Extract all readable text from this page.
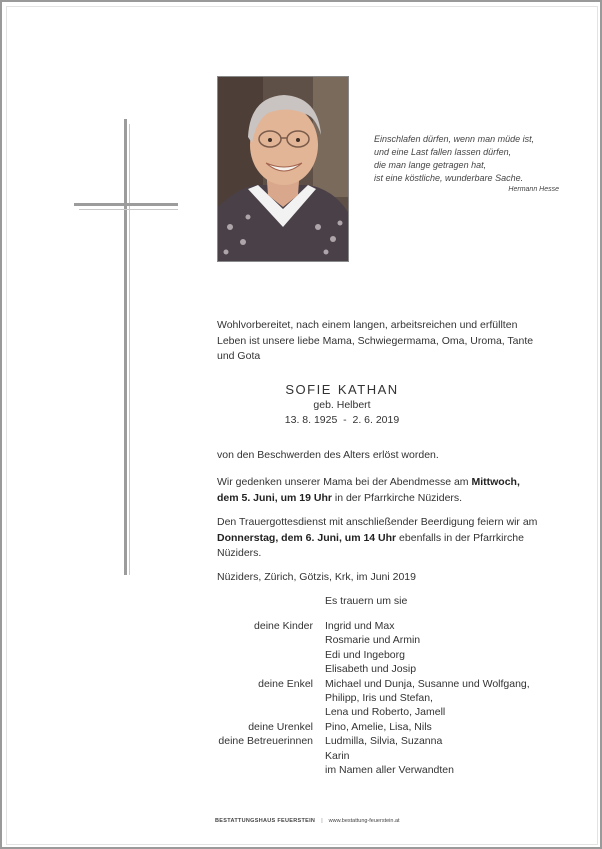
Einschlafen dürfen, wenn man müde ist,
und eine Last fallen lassen dürfen,
die man lange getragen hat,
ist eine köstliche, wunderbare Sache.
Hermann Hesse
Wohlvorbereitet, nach einem langen, arbeitsreichen und erfüllten
Leben ist unsere liebe Mama, Schwiegermama, Oma, Uroma, Tante
und Gota
SOFIE KATHAN
geb. Helbert
13. 8. 1925  -  2. 6. 2019
von den Beschwerden des Alters erlöst worden.
Wir gedenken unserer Mama bei der Abendmesse am Mittwoch,
dem 5. Juni, um 19 Uhr in der Pfarrkirche Nüziders.
Den Trauergottesdienst mit anschließender Beerdigung feiern wir am
Donnerstag, dem 6. Juni, um 14 Uhr ebenfalls in der Pfarrkirche
Nüziders.
Nüziders, Zürich, Götzis, Krk, im Juni 2019
Es trauern um sie
deine Kinder	Ingrid und Max
Rosmarie und Armin
Edi und Ingeborg
Elisabeth und Josip
deine Enkel	Michael und Dunja, Susanne und Wolfgang,
Philipp, Iris und Stefan,
Lena und Roberto, Jamell
deine Urenkel	Pino, Amelie, Lisa, Nils
deine Betreuerinnen	Ludmilla, Silvia, Suzanna
Karin
im Namen aller Verwandten
BESTATTUNGSHAUS FEUERSTEIN | www.bestattung-feuerstein.at
